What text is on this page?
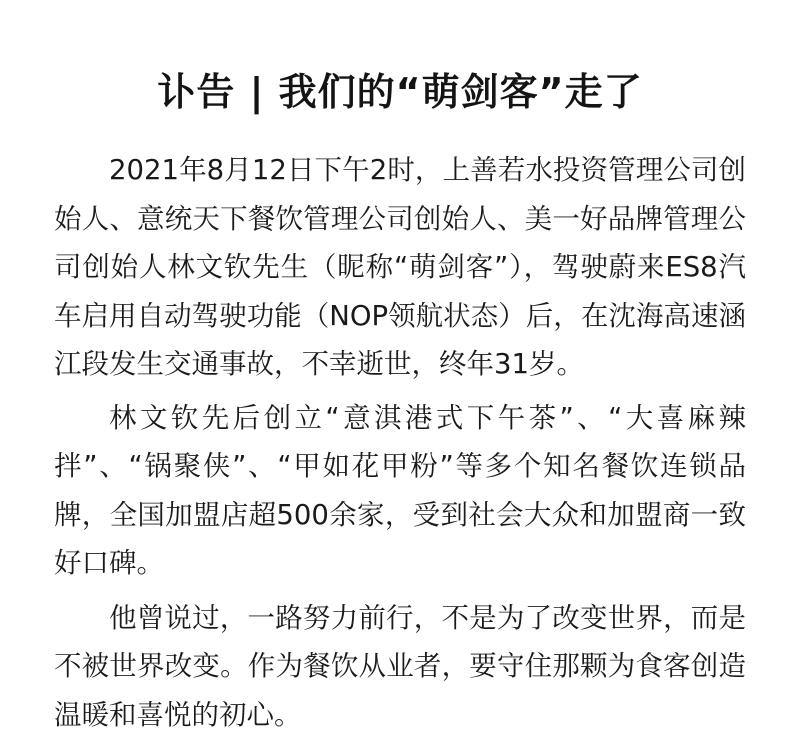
讣告 | 我们的“萌剑客”走了

2021年8月12日下午2时，上善若水投资管理公司创始人、意统天下餐饮管理公司创始人、美一好品牌管理公司创始人林文钦先生（昵称“萌剑客”），驾驶蔚来ES8汽车启用自动驾驶功能（NOP领航状态）后，在沈海高速涵江段发生交通事故，不幸逝世，终年31岁。

林文钦先后创立“意淇港式下午茶”、“大喜麻辣拌”、“锅聚侠”、“甲如花甲粉”等多个知名餐饮连锁品牌，全国加盟店超500余家，受到社会大众和加盟商一致好口碑。

他曾说过，一路努力前行，不是为了改变世界，而是不被世界改变。作为餐饮从业者，要守住那颗为食客创造温暖和喜悦的初心。
